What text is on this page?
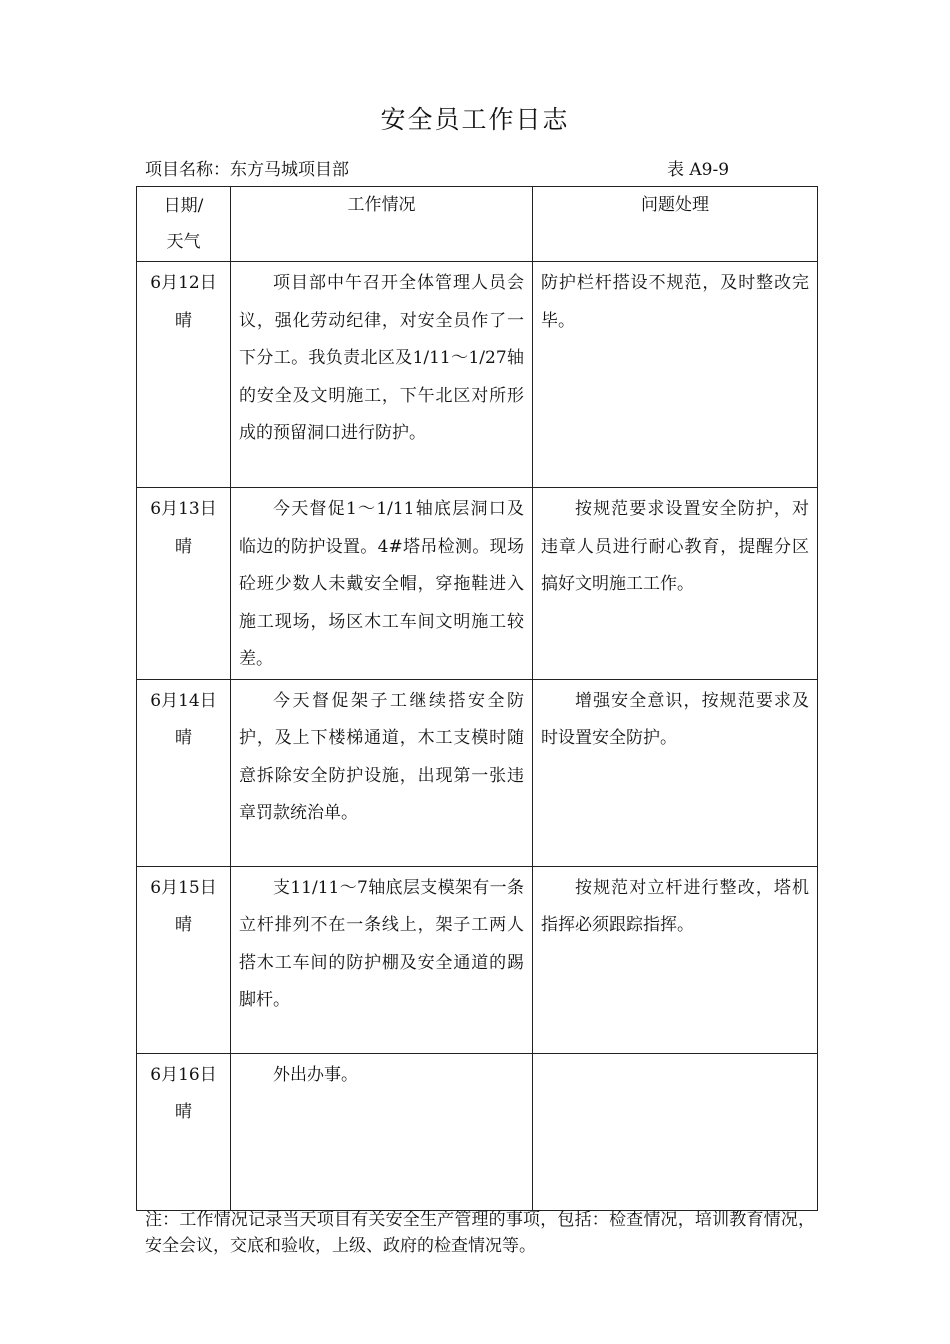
安全员工作日志
项目名称：东方马城项目部	表 A9-9
日期/
天气	工作情况	问题处理

6月12日
晴	项目部中午召开全体管理人员会议，强化劳动纪律，对安全员作了一下分工。我负责北区及1/11～1/27轴的安全及文明施工，下午北区对所形成的预留洞口进行防护。	防护栏杆搭设不规范，及时整改完毕。

6月13日
晴	今天督促1～1/11轴底层洞口及临边的防护设置。4#塔吊检测。现场砼班少数人未戴安全帽，穿拖鞋进入施工现场，场区木工车间文明施工较差。	按规范要求设置安全防护，对违章人员进行耐心教育，提醒分区搞好文明施工工作。

6月14日
晴	今天督促架子工继续搭安全防护，及上下楼梯通道，木工支模时随意拆除安全防护设施，出现第一张违章罚款统治单。	增强安全意识，按规范要求及时设置安全防护。

6月15日
晴	支11/11～7轴底层支模架有一条立杆排列不在一条线上，架子工两人搭木工车间的防护棚及安全通道的踢脚杆。	按规范对立杆进行整改，塔机指挥必须跟踪指挥。

6月16日
晴	外出办事。	
注：工作情况记录当天项目有关安全生产管理的事项，包括：检查情况，培训教育情况，安全会议，交底和验收，上级、政府的检查情况等。
